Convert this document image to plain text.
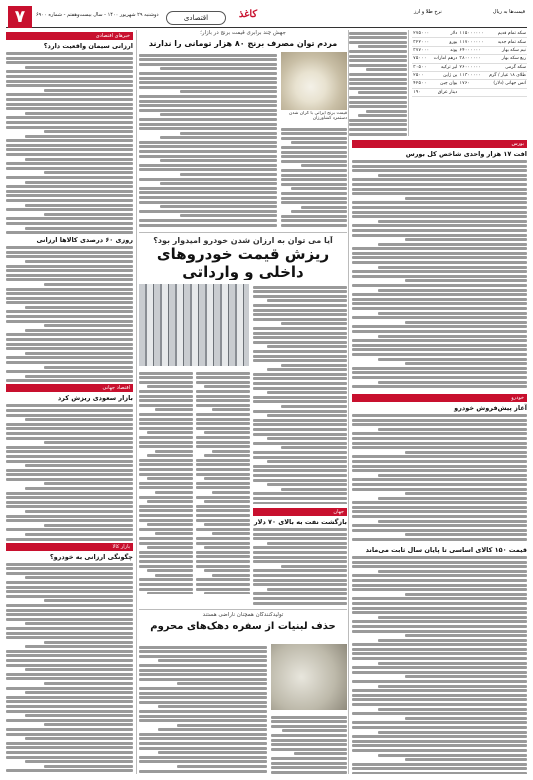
۷	دوشنبه ۲۹ شهریور ۱۴۰۰ - سال بیست‌وهفتم - شماره ۶۹۰۰	اقتصادی	کاغذ	قیمت‌ها به ریال
نرخ طلا و ارز
سکه تمام قدیم	۱۱۵۰۰۰۰۰۰	دلار	۲۷۵۰۰۰
سکه تمام جدید	۱۱۷۰۰۰۰۰۰	یورو	۳۲۲۰۰۰
نیم سکه بهار	۶۴۰۰۰۰۰۰	پوند	۳۷۷۰۰۰
ربع سکه بهار	۳۸۰۰۰۰۰۰	درهم امارات	۷۵۰۰۰
سکه گرمی	۲۶۰۰۰۰۰۰	لیر ترکیه	۳۰۵۰۰
طلای ۱۸ عیار / گرم	۱۱۳۰۰۰۰۰	ین ژاپن	۲۵۰۰
انس جهانی (دلار)	۱۷۶۰	یوان چین	۴۲۵۰۰
		دینار عراق	۱۹۰
بورس
افت ۱۷ هزار واحدی شاخص کل بورس
خودرو
آغاز پیش‌فروش خودرو
قیمت ۱۵۰ کالای اساسی تا پایان سال ثابت می‌ماند
جهش چند برابری قیمت برنج در بازار؛
مردم توان مصرف برنج ۸۰ هزار تومانی را ندارند
قیمت برنج ایرانی با گران شدن دستمزد کشاورزان
آیا می توان به ارزان شدن خودرو امیدوار بود؟
ریزش قیمت خودروهای داخلی و وارداتی
جهان
بازگشت نفت به بالای ۷۰ دلار
تولیدکنندگان همچنان ناراضی هستند
حذف لبنیات از سفره دهک‌های محروم
خبرهای اقتصادی
ارزانی سیمان واقعیت دارد؟
روزی ۶۰ درصدی کالا‌ها ارزانی
اقتصاد جهانی
بازار سعودی ریزش کرد
بازار کالا
چگونگی ارزانی به خودرو؟
